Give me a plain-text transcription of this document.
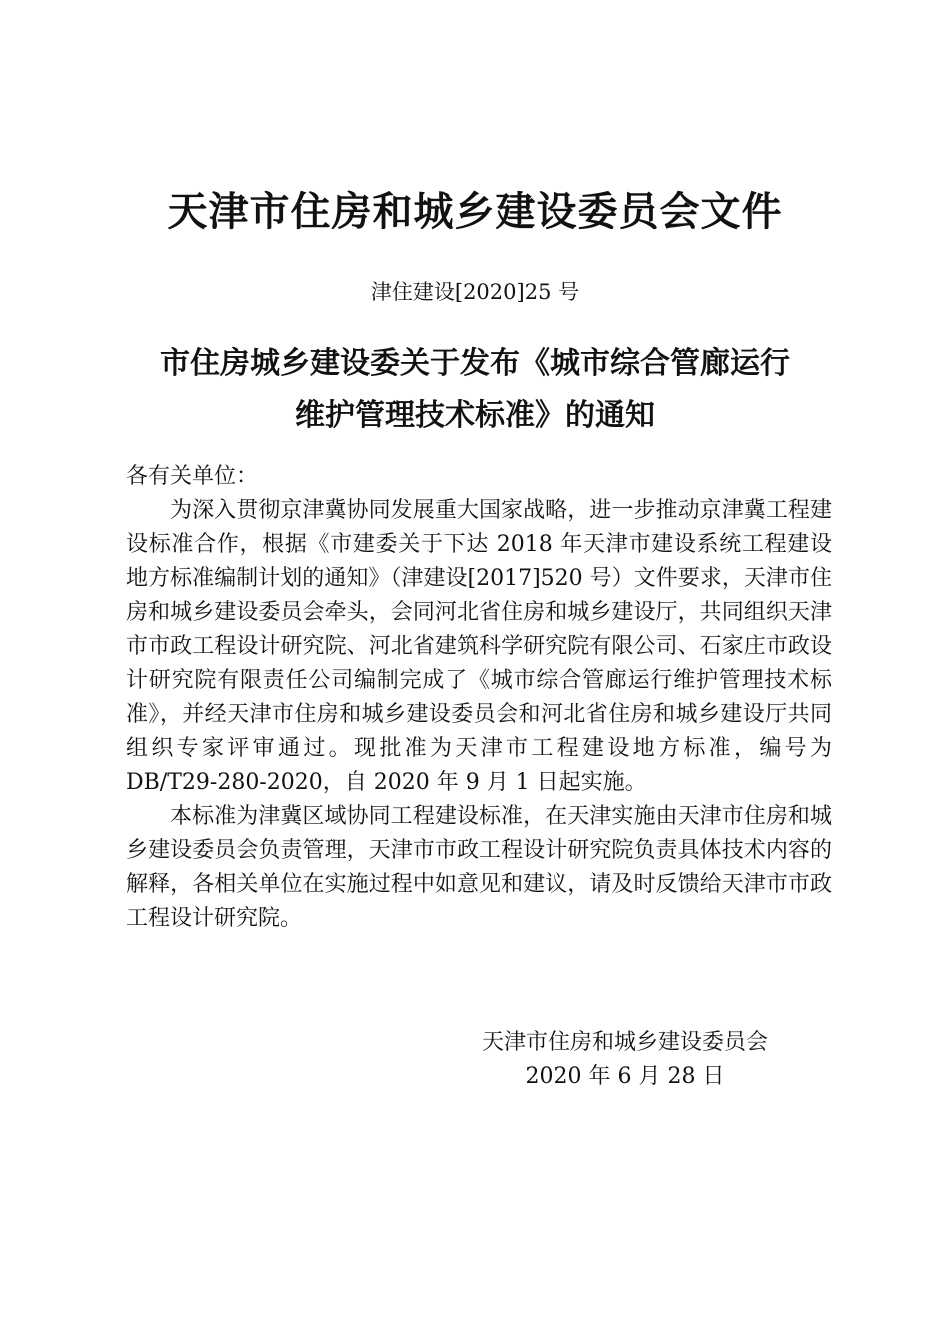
天津市住房和城乡建设委员会文件
津住建设[2020]25 号
市住房城乡建设委关于发布《城市综合管廊运行
维护管理技术标准》的通知
各有关单位：

为深入贯彻京津冀协同发展重大国家战略，进一步推动京津冀工程建设标准合作，根据《市建委关于下达 2018 年天津市建设系统工程建设地方标准编制计划的通知》（津建设[2017]520 号）文件要求，天津市住房和城乡建设委员会牵头，会同河北省住房和城乡建设厅，共同组织天津市市政工程设计研究院、河北省建筑科学研究院有限公司、石家庄市政设计研究院有限责任公司编制完成了《城市综合管廊运行维护管理技术标准》，并经天津市住房和城乡建设委员会和河北省住房和城乡建设厅共同组织专家评审通过。现批准为天津市工程建设地方标准，编号为 DB/T29-280-2020，自 2020 年 9 月 1 日起实施。

本标准为津冀区域协同工程建设标准，在天津实施由天津市住房和城乡建设委员会负责管理，天津市市政工程设计研究院负责具体技术内容的解释，各相关单位在实施过程中如意见和建议，请及时反馈给天津市市政工程设计研究院。

天津市住房和城乡建设委员会
2020 年 6 月 28 日
